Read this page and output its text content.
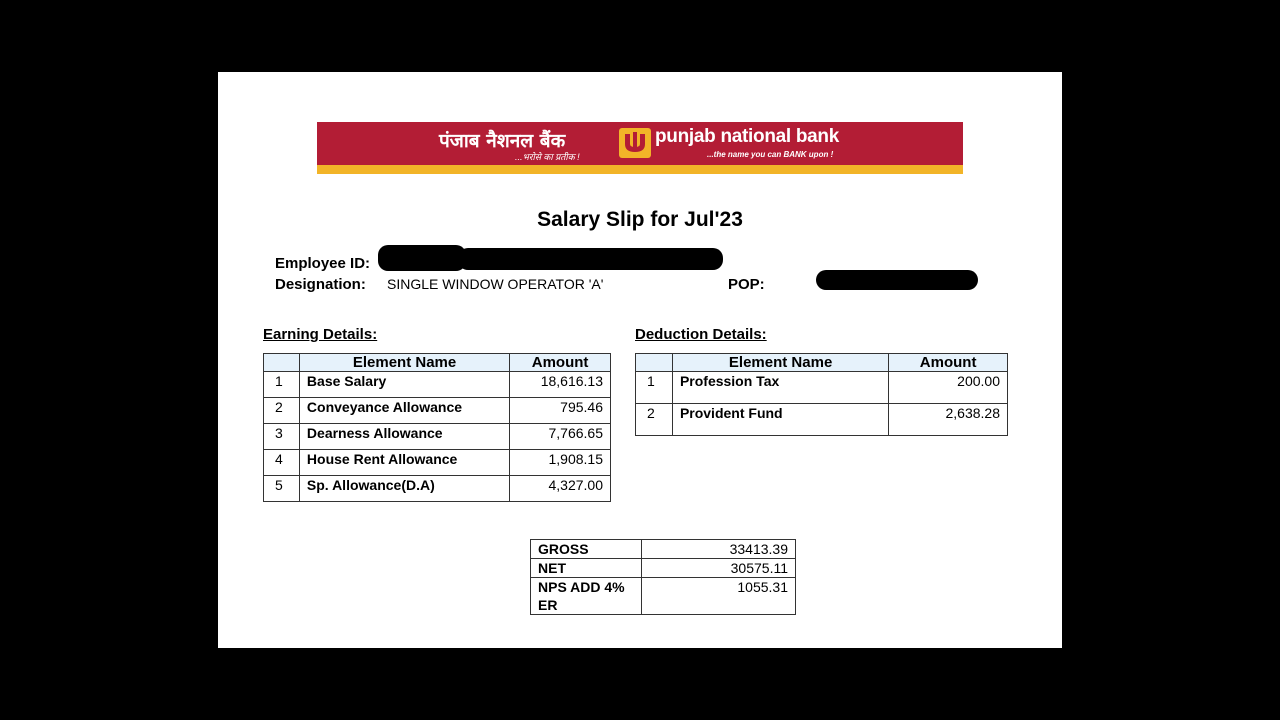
पंजाब नैशनल बैंक
...भरोसे का प्रतीक !
punjab national bank
...the name you can BANK upon !
Salary Slip for Jul'23
Employee ID:
Designation: SINGLE WINDOW OPERATOR 'A'	POP:
Earning Details:	Deduction Details:
	Element Name	Amount
1	Base Salary	18,616.13
2	Conveyance Allowance	795.46
3	Dearness Allowance	7,766.65
4	House Rent Allowance	1,908.15
5	Sp. Allowance(D.A)	4,327.00
	Element Name	Amount
1	Profession Tax	200.00
2	Provident Fund	2,638.28
GROSS	33413.39
NET	30575.11
NPS ADD 4% ER	1055.31
